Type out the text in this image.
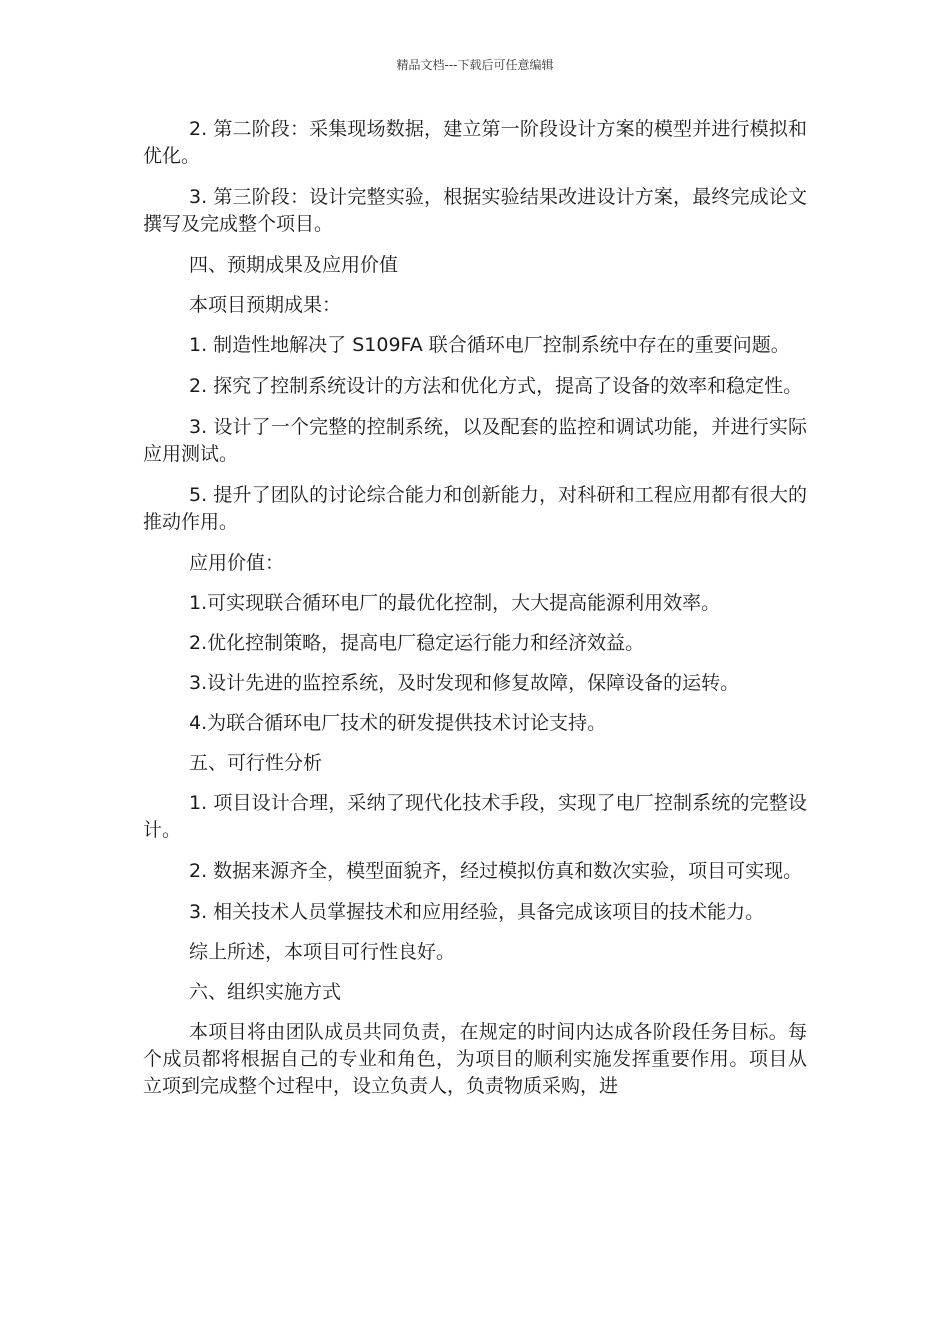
精品文档---下载后可任意编辑

2. 第二阶段：采集现场数据，建立第一阶段设计方案的模型并进行模拟和优化。

3. 第三阶段：设计完整实验，根据实验结果改进设计方案，最终完成论文撰写及完成整个项目。

四、预期成果及应用价值

本项目预期成果：

1. 制造性地解决了 S109FA 联合循环电厂控制系统中存在的重要问题。

2. 探究了控制系统设计的方法和优化方式，提高了设备的效率和稳定性。

3. 设计了一个完整的控制系统，以及配套的监控和调试功能，并进行实际应用测试。

5. 提升了团队的讨论综合能力和创新能力，对科研和工程应用都有很大的推动作用。

应用价值：

1.可实现联合循环电厂的最优化控制，大大提高能源利用效率。

2.优化控制策略，提高电厂稳定运行能力和经济效益。

3.设计先进的监控系统，及时发现和修复故障，保障设备的运转。

4.为联合循环电厂技术的研发提供技术讨论支持。

五、可行性分析

1. 项目设计合理，采纳了现代化技术手段，实现了电厂控制系统的完整设计。

2. 数据来源齐全，模型面貌齐，经过模拟仿真和数次实验，项目可实现。

3. 相关技术人员掌握技术和应用经验，具备完成该项目的技术能力。

综上所述，本项目可行性良好。

六、组织实施方式

本项目将由团队成员共同负责，在规定的时间内达成各阶段任务目标。每个成员都将根据自己的专业和角色，为项目的顺利实施发挥重要作用。项目从立项到完成整个过程中，设立负责人，负责物质采购，进
